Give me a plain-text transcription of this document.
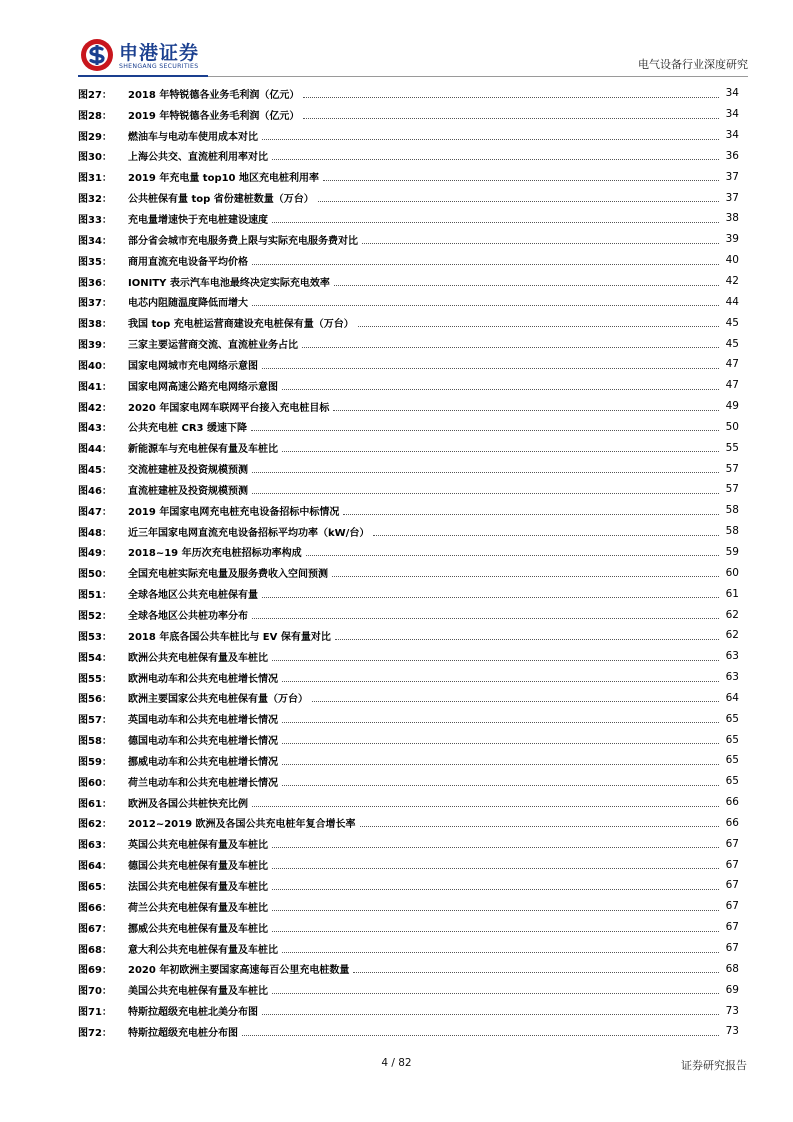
申港证券
SHENGANG SECURITIES	电气设备行业深度研究
图27：	2018 年特锐德各业务毛利润（亿元）	34
图28：	2019 年特锐德各业务毛利润（亿元）	34
图29：	燃油车与电动车使用成本对比	34
图30：	上海公共交、直流桩利用率对比	36
图31：	2019 年充电量 top10 地区充电桩利用率	37
图32：	公共桩保有量 top 省份建桩数量（万台）	37
图33：	充电量增速快于充电桩建设速度	38
图34：	部分省会城市充电服务费上限与实际充电服务费对比	39
图35：	商用直流充电设备平均价格	40
图36：	IONITY 表示汽车电池最终决定实际充电效率	42
图37：	电芯内阻随温度降低而增大	44
图38：	我国 top 充电桩运营商建设充电桩保有量（万台）	45
图39：	三家主要运营商交流、直流桩业务占比	45
图40：	国家电网城市充电网络示意图	47
图41：	国家电网高速公路充电网络示意图	47
图42：	2020 年国家电网车联网平台接入充电桩目标	49
图43：	公共充电桩 CR3 缓速下降	50
图44：	新能源车与充电桩保有量及车桩比	55
图45：	交流桩建桩及投资规模预测	57
图46：	直流桩建桩及投资规模预测	57
图47：	2019 年国家电网充电桩充电设备招标中标情况	58
图48：	近三年国家电网直流充电设备招标平均功率（kW/台）	58
图49：	2018~19 年历次充电桩招标功率构成	59
图50：	全国充电桩实际充电量及服务费收入空间预测	60
图51：	全球各地区公共充电桩保有量	61
图52：	全球各地区公共桩功率分布	62
图53：	2018 年底各国公共车桩比与 EV 保有量对比	62
图54：	欧洲公共充电桩保有量及车桩比	63
图55：	欧洲电动车和公共充电桩增长情况	63
图56：	欧洲主要国家公共充电桩保有量（万台）	64
图57：	英国电动车和公共充电桩增长情况	65
图58：	德国电动车和公共充电桩增长情况	65
图59：	挪威电动车和公共充电桩增长情况	65
图60：	荷兰电动车和公共充电桩增长情况	65
图61：	欧洲及各国公共桩快充比例	66
图62：	2012~2019 欧洲及各国公共充电桩年复合增长率	66
图63：	英国公共充电桩保有量及车桩比	67
图64：	德国公共充电桩保有量及车桩比	67
图65：	法国公共充电桩保有量及车桩比	67
图66：	荷兰公共充电桩保有量及车桩比	67
图67：	挪威公共充电桩保有量及车桩比	67
图68：	意大利公共充电桩保有量及车桩比	67
图69：	2020 年初欧洲主要国家高速每百公里充电桩数量	68
图70：	美国公共充电桩保有量及车桩比	69
图71：	特斯拉超级充电桩北美分布图	73
图72：	特斯拉超级充电桩分布图	73
4 / 82	证券研究报告
